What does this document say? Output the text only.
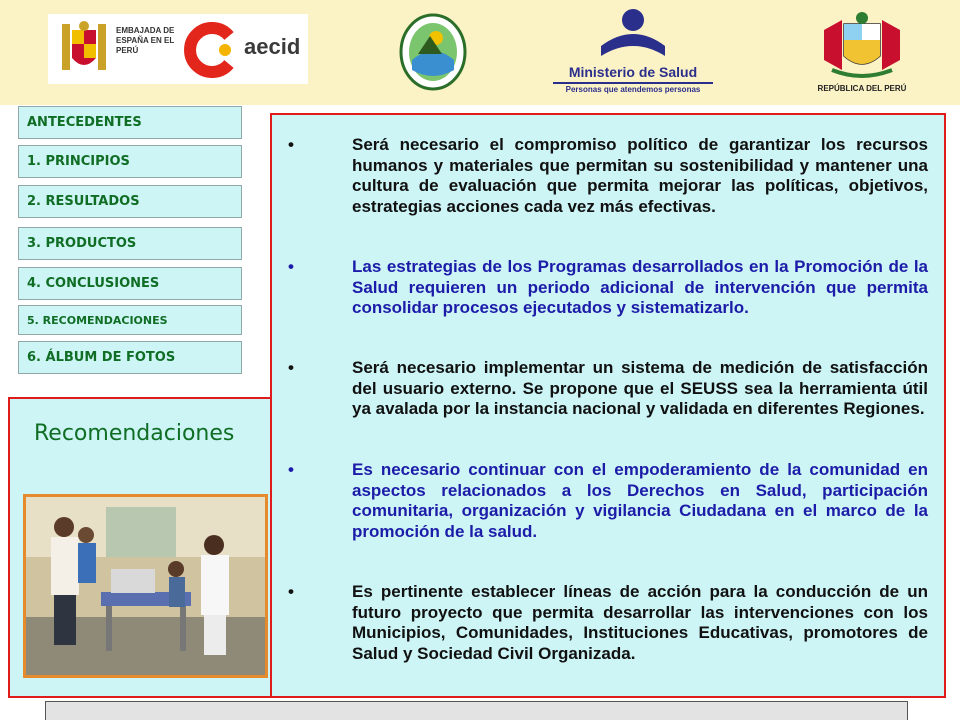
EMBAJADA DE ESPAÑA EN EL PERÚ	aecid
Ministerio de Salud
Personas que atendemos personas	REPÚBLICA DEL PERÚ
ANTECEDENTES
1. PRINCIPIOS
2. RESULTADOS
3. PRODUCTOS
4. CONCLUSIONES
5. RECOMENDACIONES
6. ÁLBUM DE FOTOS
Recomendaciones
•	Será necesario el compromiso político de garantizar los recursos humanos y materiales que permitan su sostenibilidad y mantener una cultura de evaluación que permita mejorar las políticas, objetivos, estrategias acciones cada vez más efectivas.
•	Las estrategias de los Programas desarrollados en la Promoción de la Salud requieren un periodo adicional de intervención que permita consolidar procesos ejecutados y sistematizarlo.
•	Será necesario implementar un sistema de medición de satisfacción del usuario externo. Se propone que el SEUSS sea la herramienta útil ya avalada por la instancia nacional y validada en diferentes Regiones.
•	Es necesario continuar con el empoderamiento de la comunidad en aspectos relacionados a los Derechos en Salud, participación comunitaria, organización y vigilancia Ciudadana en el marco de la promoción de la salud.
•	Es pertinente establecer líneas de acción para la conducción de un futuro proyecto que permita desarrollar las intervenciones con los Municipios, Comunidades, Instituciones Educativas, promotores de Salud y Sociedad Civil Organizada.
